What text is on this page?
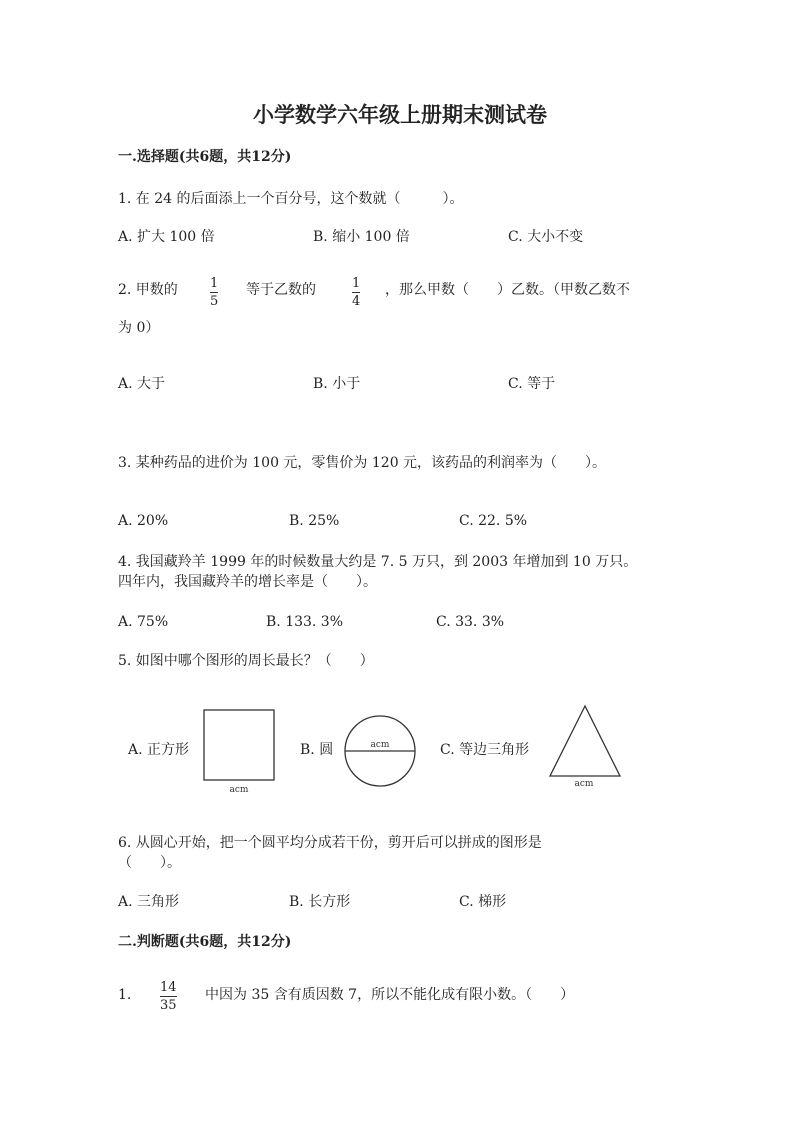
小学数学六年级上册期末测试卷
一.选择题(共6题，共12分)
1. 在 24 的后面添上一个百分号，这个数就（　　　）。
A. 扩大 100 倍	B. 缩小 100 倍	C. 大小不变
2. 甲数的 1
5
等于乙数的	1
4
，那么甲数（　　）乙数。（甲数乙数不
为 0）
A. 大于	B. 小于	C. 等于
3. 某种药品的进价为 100 元，零售价为 120 元，该药品的利润率为（　　）。
A. 20%	B. 25%	C. 22. 5%
4. 我国藏羚羊 1999 年的时候数量大约是 7. 5 万只，到 2003 年增加到 10 万只。
四年内，我国藏羚羊的增长率是（　　）。
A. 75%	B. 133. 3%	C. 33. 3%
5. 如图中哪个图形的周长最长？（　　）
A. 正方形
acm
B. 圆	acm	C. 等边三角形
acm
6. 从圆心开始，把一个圆平均分成若干份，剪开后可以拼成的图形是
（　　）。
A. 三角形	B. 长方形	C. 梯形
二.判断题(共6题，共12分)
1. 14
35
中因为 35 含有质因数 7，所以不能化成有限小数。（　　）
